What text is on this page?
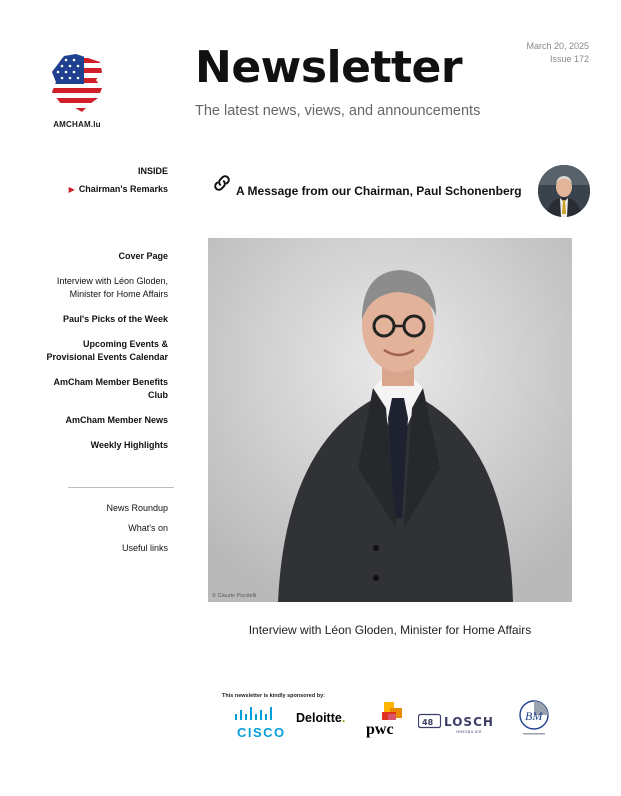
AMCHAM.lu
Newsletter
The latest news, views, and announcements
March 20, 2025
Issue 172
INSIDE
▶ Chairman's Remarks
Cover Page
Interview with Léon Gloden, Minister for Home Affairs
Paul's Picks of the Week
Upcoming Events & Provisional Events Calendar
AmCham Member Benefits Club
AmCham Member News
Weekly Highlights
News Roundup
What's on
Useful links
A Message from our Chairman, Paul Schonenberg
© Claude Piscitelli
Interview with Léon Gloden, Minister for Home Affairs
This newsletter is kindly sponsored by:
CISCO
Deloitte.
pwc	48 LOSCH
IMMOBILIER
BM
